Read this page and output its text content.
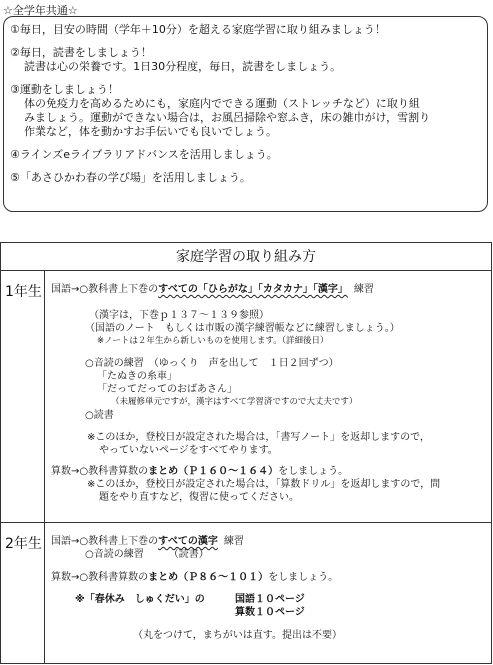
☆全学年共通☆
①毎日，目安の時間（学年＋10分）を超える家庭学習に取り組みましょう！
②毎日，読書をしましょう！
読書は心の栄養です。1日30分程度，毎日，読書をしましょう。
③運動をしましょう！
体の免疫力を高めるためにも，家庭内でできる運動（ストレッチなど）に取り組
みましょう。運動ができない場合は，お風呂掃除や窓ふき，床の雑巾がけ，雪割り
作業など，体を動かすお手伝いでも良いでしょう。
④ラインズeライブラリアドバンスを活用しましょう。
⑤「あさひかわ春の学び場」を活用しましょう。
家庭学習の取り組み方
1年生 国語→○教科書上下巻のすべての「ひらがな」「カタカナ」「漢字」 練習
（漢字は，下巻ｐ１３７～１３９参照）
（国語のノート　もしくは市販の漢字練習帳などに練習しましょう。）
※ノートは２年生から新しいものを使用します。（詳細後日）
○音読の練習　（ゆっくり　声を出して　１日２回ずつ）
「たぬきの糸車」
「だってだってのおばあさん」
（未履修単元ですが，漢字はすべて学習済ですので大丈夫です）
○読書
※このほか，登校日が設定された場合は，「書写ノート」を返却しますので，
やっていないページをすべてやります。
算数→○教科書算数のまとめ（Ｐ１６０～１６４）をしましょう。
※このほか，登校日が設定された場合は，「算数ドリル」を返却しますので，問
題をやり直すなど，復習に使ってください。
2年生 国語→○教科書上下巻のすべての漢字 練習
○音読の練習　　　（読書）
算数→○教科書算数のまとめ（Ｐ８６～１０１）をしましょう。
※「春休み　しゅくだい」の	国語１０ページ
算数１０ページ
（丸をつけて，まちがいは直す。提出は不要）
